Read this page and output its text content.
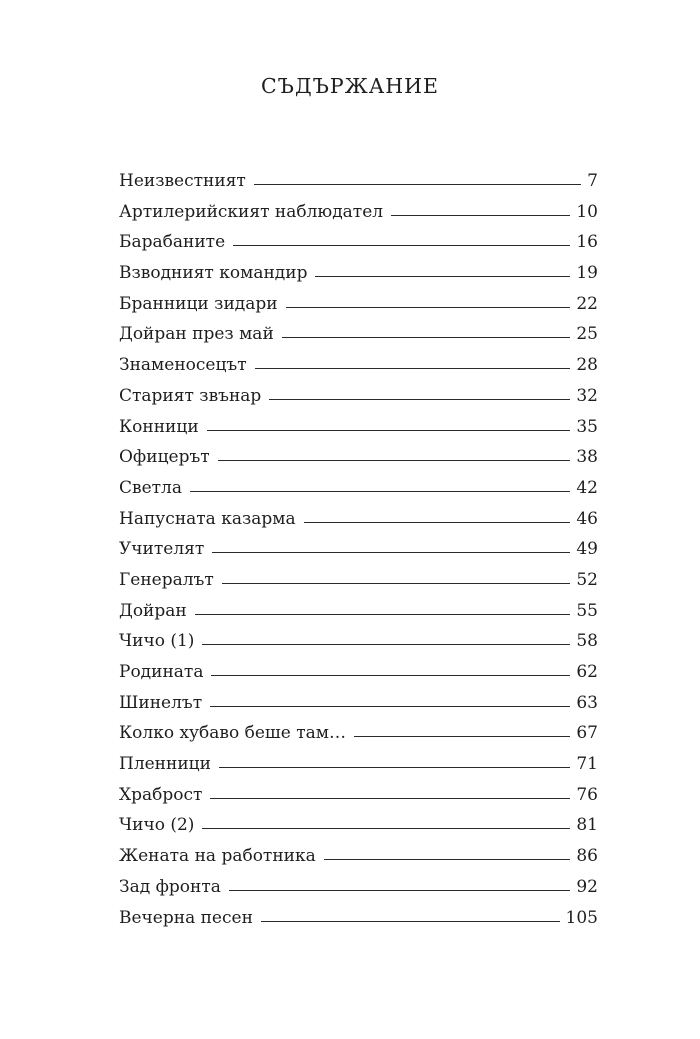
СЪДЪРЖАНИЕ
Неизвестният	7
Артилерийският наблюдател	10
Барабаните	16
Взводният командир	19
Бранници зидари	22
Дойран през май	25
Знаменосецът	28
Старият звънар	32
Конници	35
Офицерът	38
Светла	42
Напусната казарма	46
Учителят	49
Генералът	52
Дойран	55
Чичо (1)	58
Родината	62
Шинелът	63
Колко хубаво беше там…	67
Пленници	71
Храброст	76
Чичо (2)	81
Жената на работника	86
Зад фронта	92
Вечерна песен	105
